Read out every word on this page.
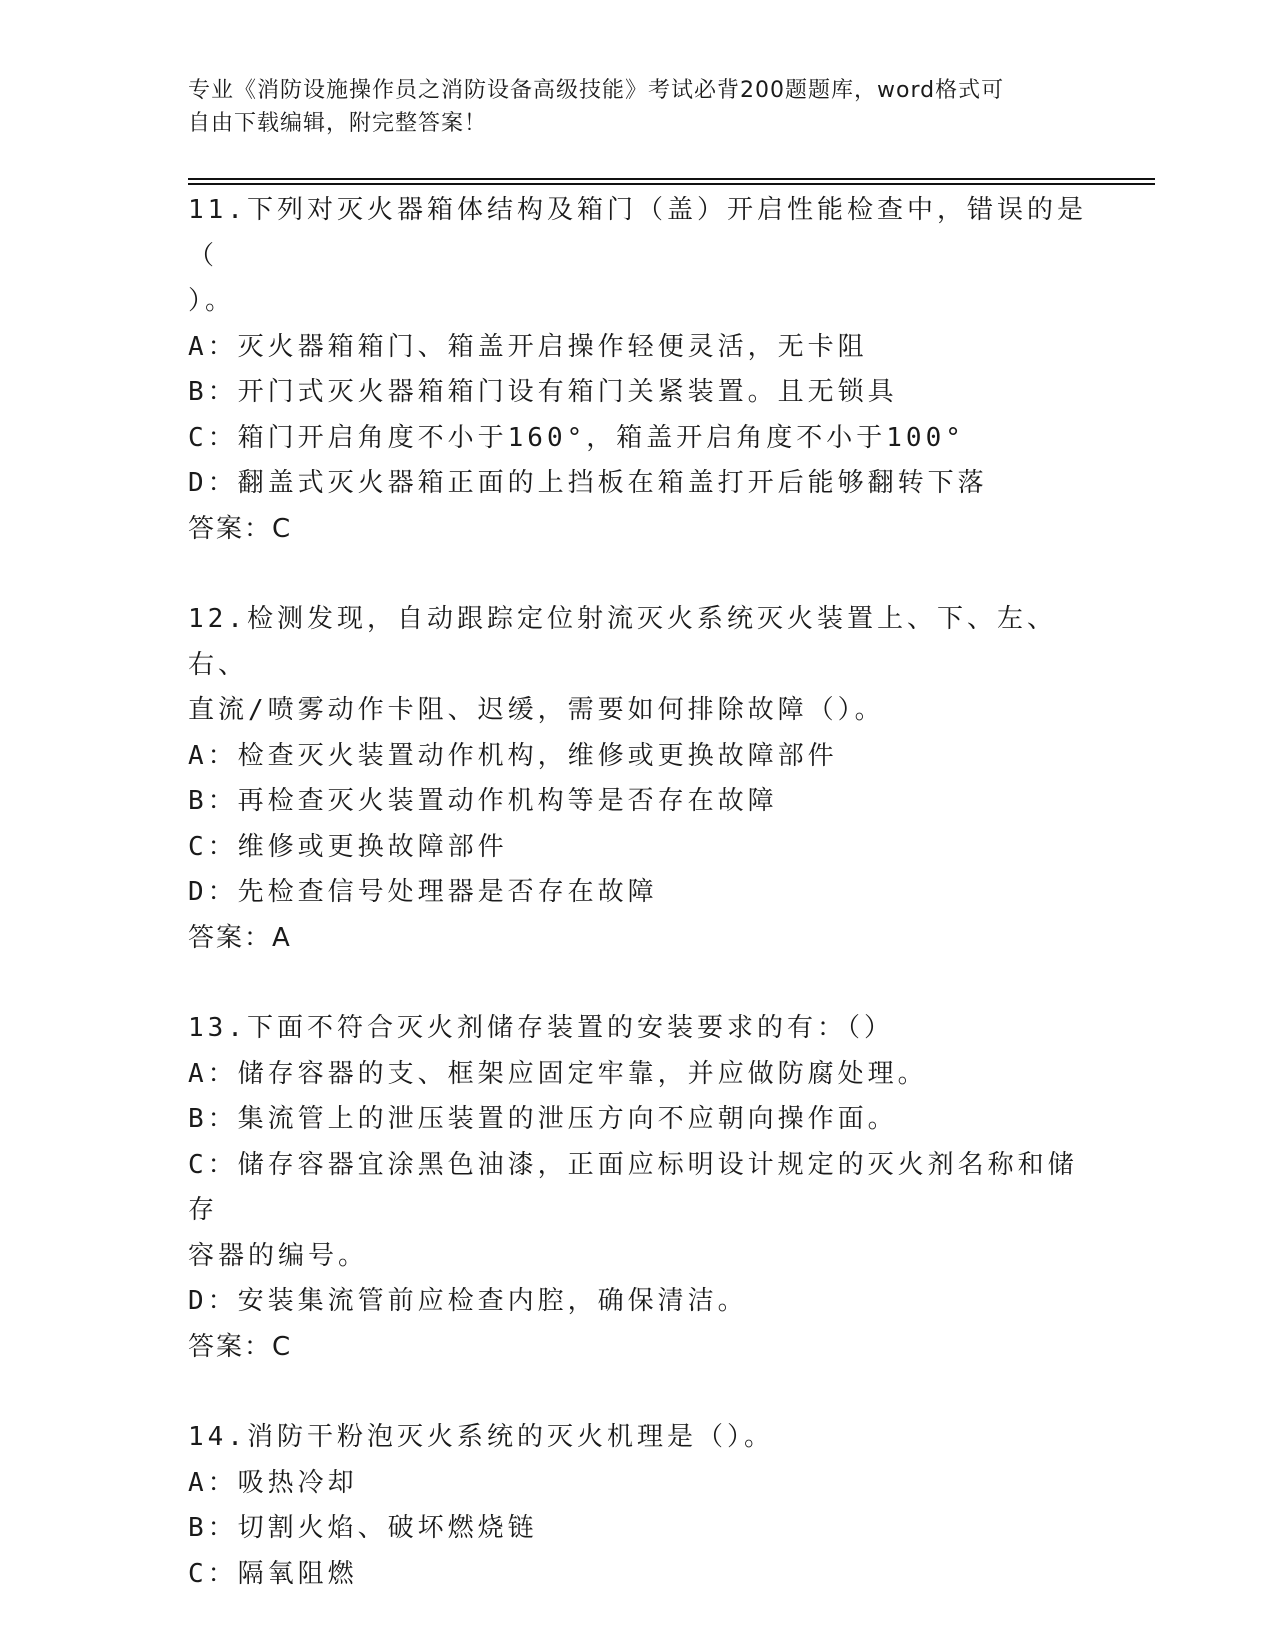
专业《消防设施操作员之消防设备高级技能》考试必背200题题库，word格式可
自由下载编辑，附完整答案！
11.下列对灭火器箱体结构及箱门（盖）开启性能检查中，错误的是（
）。
A：灭火器箱箱门、箱盖开启操作轻便灵活，无卡阻
B：开门式灭火器箱箱门设有箱门关紧装置。且无锁具
C：箱门开启角度不小于160°，箱盖开启角度不小于100°
D：翻盖式灭火器箱正面的上挡板在箱盖打开后能够翻转下落
答案：C
12.检测发现，自动跟踪定位射流灭火系统灭火装置上、下、左、右、
直流/喷雾动作卡阻、迟缓，需要如何排除故障（）。
A：检查灭火装置动作机构，维修或更换故障部件
B：再检查灭火装置动作机构等是否存在故障
C：维修或更换故障部件
D：先检查信号处理器是否存在故障
答案：A
13.下面不符合灭火剂储存装置的安装要求的有：（）
A：储存容器的支、框架应固定牢靠，并应做防腐处理。
B：集流管上的泄压装置的泄压方向不应朝向操作面。
C：储存容器宜涂黑色油漆，正面应标明设计规定的灭火剂名称和储存
容器的编号。
D：安装集流管前应检查内腔，确保清洁。
答案：C
14.消防干粉泡灭火系统的灭火机理是（）。
A：吸热冷却
B：切割火焰、破坏燃烧链
C：隔氧阻燃
